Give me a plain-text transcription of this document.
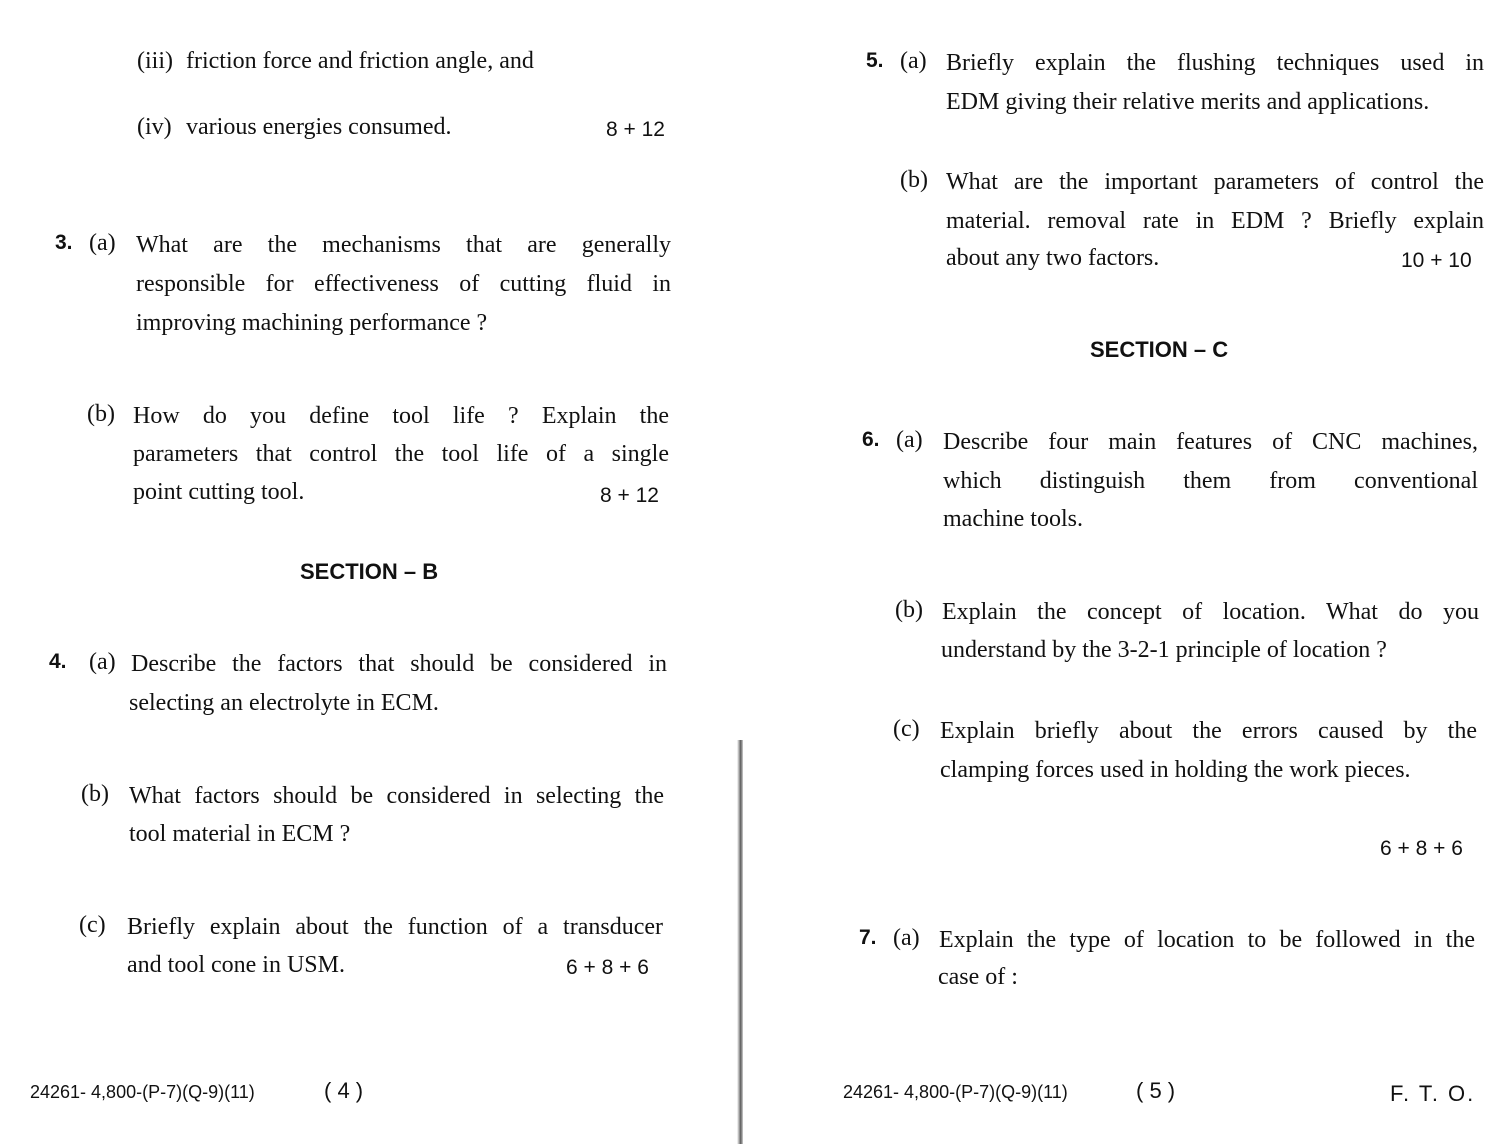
(iii) friction force and friction angle, and
(iv) various energies consumed.	8 + 12
3. (a) What are the mechanisms that are generally
responsible for effectiveness of cutting fluid in
improving machining performance ?
(b) How do you define tool life ? Explain the
parameters that control the tool life of a single
point cutting tool.	8 + 12
SECTION – B
4. (a) Describe the factors that should be considered in
selecting an electrolyte in ECM.
(b) What factors should be considered in selecting the
tool material in ECM ?
(c) Briefly explain about the function of a transducer
and tool cone in USM.	6 + 8 + 6
24261- 4,800-(P-7)(Q-9)(11)	( 4 )
5. (a) Briefly explain the flushing techniques used in
EDM giving their relative merits and applications.
(b) What are the important parameters of control the
material. removal rate in EDM ? Briefly explain
about any two factors.	10 + 10
SECTION – C
6. (a) Describe four main features of CNC machines,
which distinguish them from conventional
machine tools.
(b) Explain the concept of location. What do you
understand by the 3-2-1 principle of location ?
(c) Explain briefly about the errors caused by the
clamping forces used in holding the work pieces.
6 + 8 + 6
7. (a) Explain the type of location to be followed in the
case of :
24261- 4,800-(P-7)(Q-9)(11)	( 5 )	F. T. O.
